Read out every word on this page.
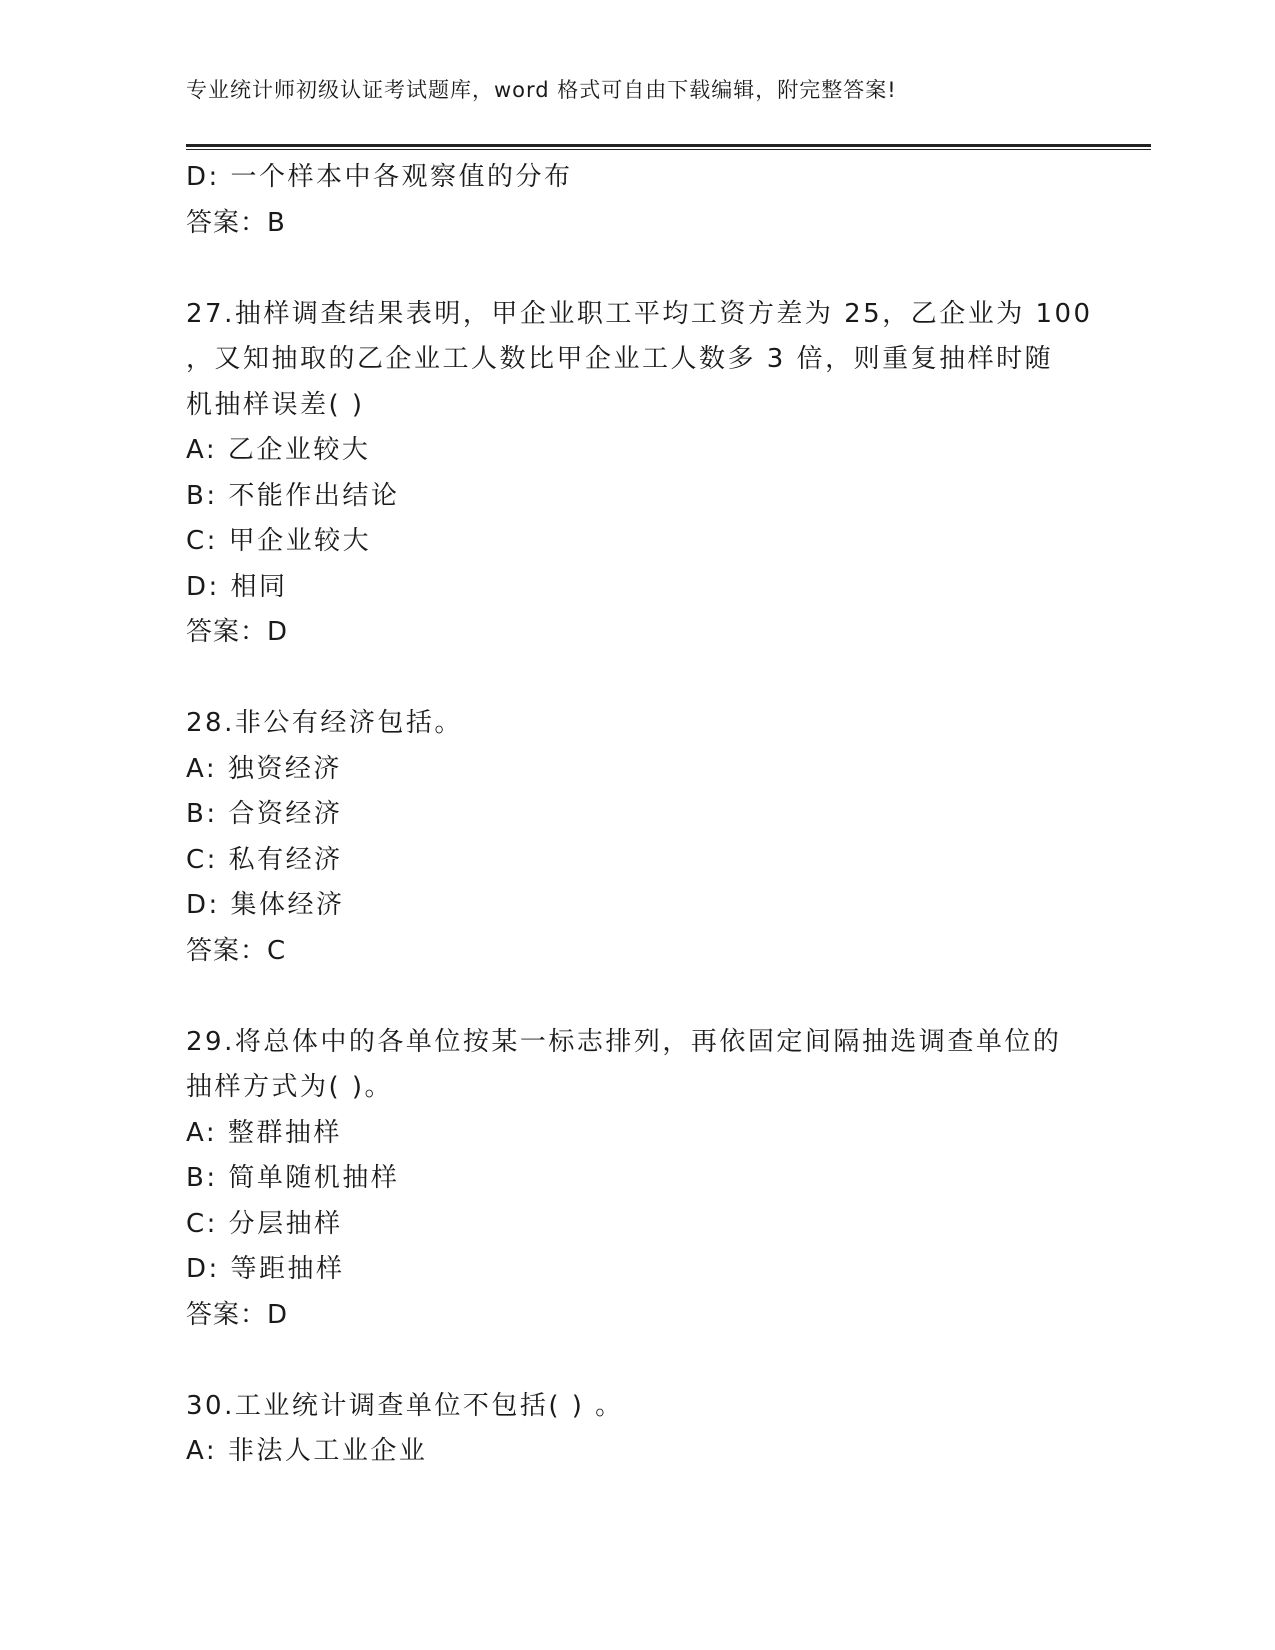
专业统计师初级认证考试题库，word 格式可自由下载编辑，附完整答案!
D: 一个样本中各观察值的分布
答案：B
27.抽样调查结果表明，甲企业职工平均工资方差为 25，乙企业为 100
，又知抽取的乙企业工人数比甲企业工人数多 3 倍，则重复抽样时随
机抽样误差( )
A: 乙企业较大
B: 不能作出结论
C: 甲企业较大
D: 相同
答案：D
28.非公有经济包括。
A: 独资经济
B: 合资经济
C: 私有经济
D: 集体经济
答案：C
29.将总体中的各单位按某一标志排列，再依固定间隔抽选调查单位的
抽样方式为( )。
A: 整群抽样
B: 简单随机抽样
C: 分层抽样
D: 等距抽样
答案：D
30.工业统计调查单位不包括( ) 。
A: 非法人工业企业
